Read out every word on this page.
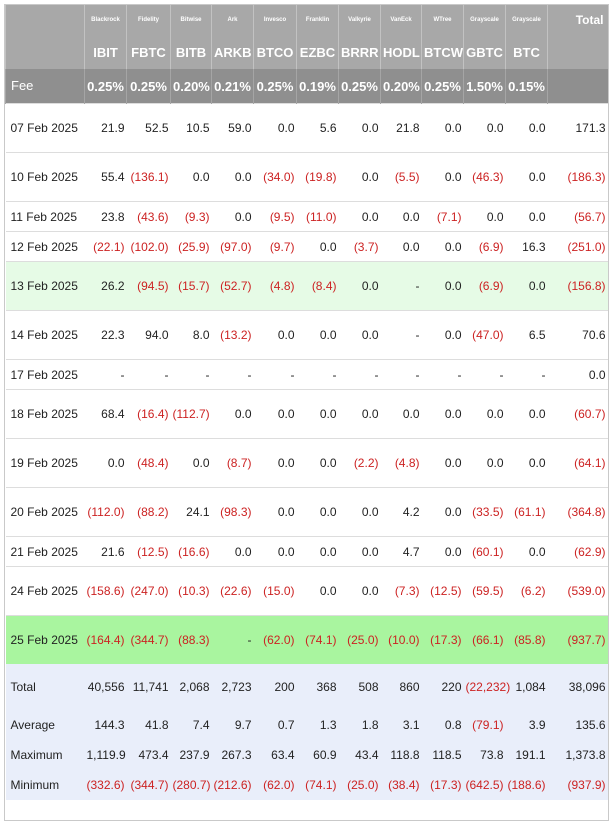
	Blackrock	Fidelity	Bitwise	Ark	Invesco	Franklin	Valkyrie	VanEck	WTree	Grayscale	Grayscale	Total
	IBIT	FBTC	BITB	ARKB	BTCO	EZBC	BRRR	HODL	BTCW	GBTC	BTC	
Fee	0.25%	0.25%	0.20%	0.21%	0.25%	0.19%	0.25%	0.20%	0.25%	1.50%	0.15%	
07 Feb 2025	21.9	52.5	10.5	59.0	0.0	5.6	0.0	21.8	0.0	0.0	0.0	171.3
10 Feb 2025	55.4	(136.1)	0.0	0.0	(34.0)	(19.8)	0.0	(5.5)	0.0	(46.3)	0.0	(186.3)
11 Feb 2025	23.8	(43.6)	(9.3)	0.0	(9.5)	(11.0)	0.0	0.0	(7.1)	0.0	0.0	(56.7)
12 Feb 2025	(22.1)	(102.0)	(25.9)	(97.0)	(9.7)	0.0	(3.7)	0.0	0.0	(6.9)	16.3	(251.0)
13 Feb 2025	26.2	(94.5)	(15.7)	(52.7)	(4.8)	(8.4)	0.0	-	0.0	(6.9)	0.0	(156.8)
14 Feb 2025	22.3	94.0	8.0	(13.2)	0.0	0.0	0.0	-	0.0	(47.0)	6.5	70.6
17 Feb 2025	-	-	-	-	-	-	-	-	-	-	-	0.0
18 Feb 2025	68.4	(16.4)	(112.7)	0.0	0.0	0.0	0.0	0.0	0.0	0.0	0.0	(60.7)
19 Feb 2025	0.0	(48.4)	0.0	(8.7)	0.0	0.0	(2.2)	(4.8)	0.0	0.0	0.0	(64.1)
20 Feb 2025	(112.0)	(88.2)	24.1	(98.3)	0.0	0.0	0.0	4.2	0.0	(33.5)	(61.1)	(364.8)
21 Feb 2025	21.6	(12.5)	(16.6)	0.0	0.0	0.0	0.0	4.7	0.0	(60.1)	0.0	(62.9)
24 Feb 2025	(158.6)	(247.0)	(10.3)	(22.6)	(15.0)	0.0	0.0	(7.3)	(12.5)	(59.5)	(6.2)	(539.0)
25 Feb 2025	(164.4)	(344.7)	(88.3)	-	(62.0)	(74.1)	(25.0)	(10.0)	(17.3)	(66.1)	(85.8)	(937.7)
Total	40,556	11,741	2,068	2,723	200	368	508	860	220	(22,232)	1,084	38,096
Average	144.3	41.8	7.4	9.7	0.7	1.3	1.8	3.1	0.8	(79.1)	3.9	135.6
Maximum	1,119.9	473.4	237.9	267.3	63.4	60.9	43.4	118.8	118.5	73.8	191.1	1,373.8
Minimum	(332.6)	(344.7)	(280.7)	(212.6)	(62.0)	(74.1)	(25.0)	(38.4)	(17.3)	(642.5)	(188.6)	(937.9)
